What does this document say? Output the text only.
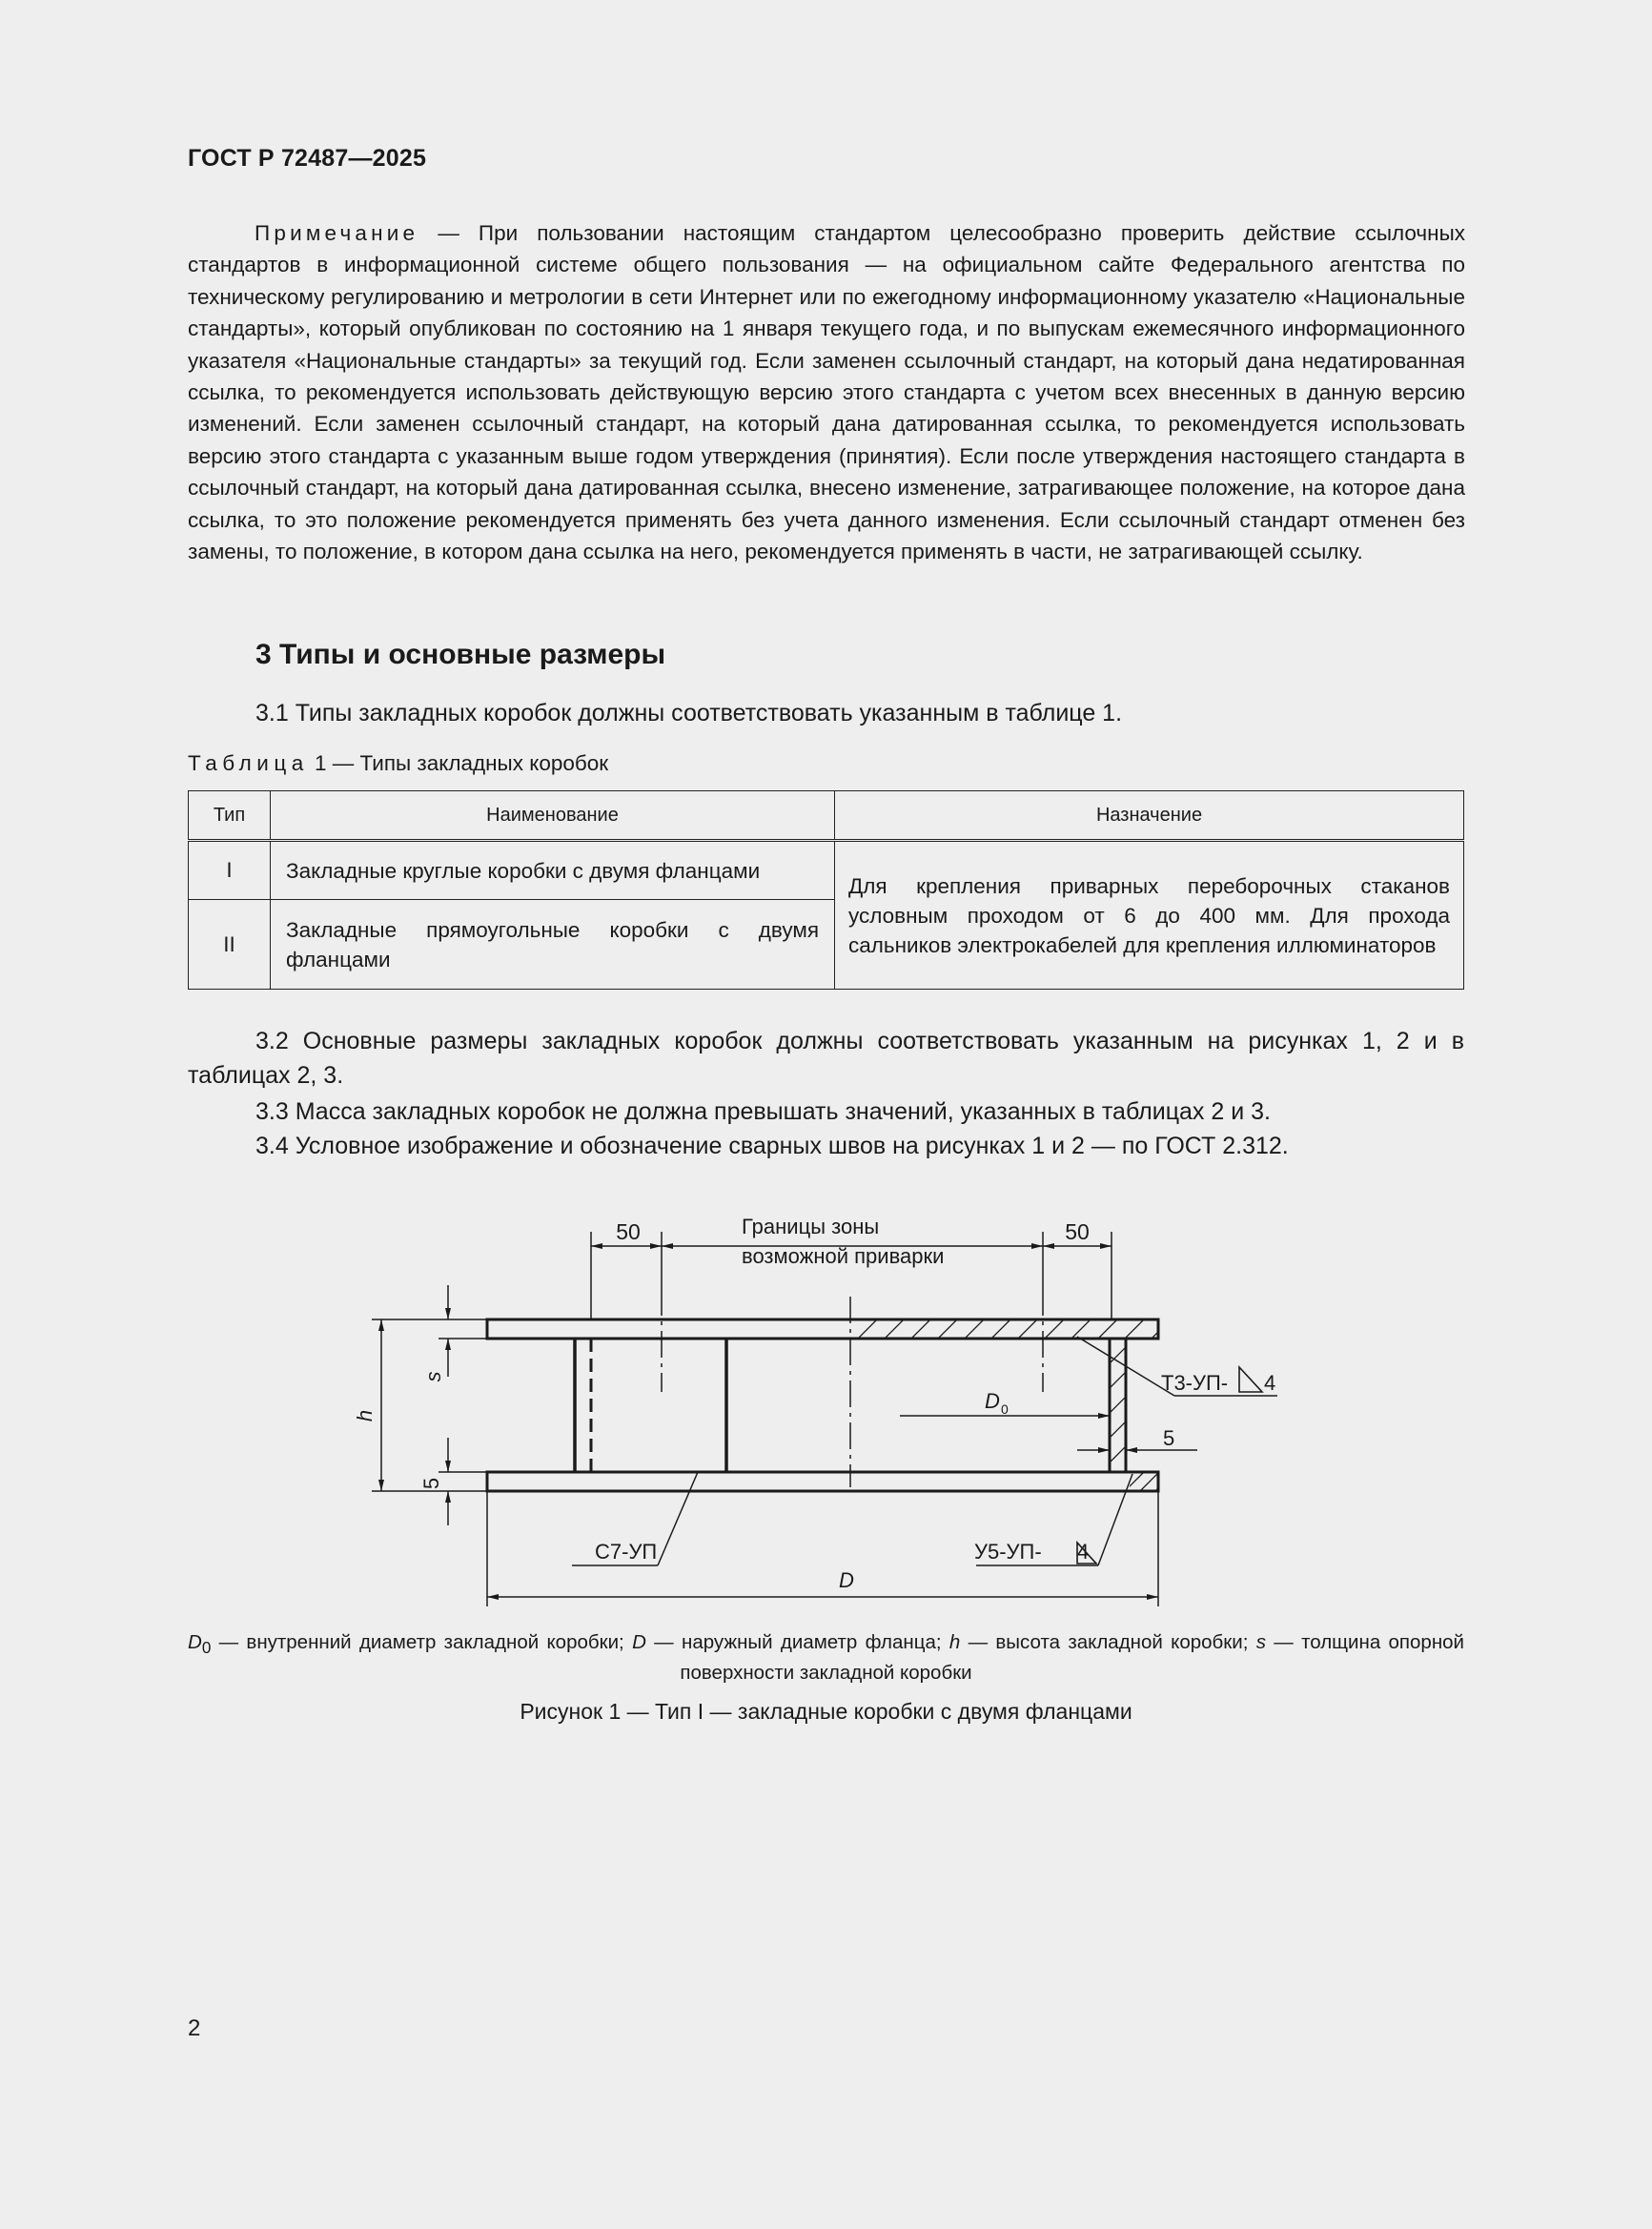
ГОСТ Р 72487—2025

Примечание — При пользовании настоящим стандартом целесообразно проверить действие ссылочных стандартов в информационной системе общего пользования — на официальном сайте Федерального агентства по техническому регулированию и метрологии в сети Интернет или по ежегодному информационному указателю «Национальные стандарты», который опубликован по состоянию на 1 января текущего года, и по выпускам ежемесячного информационного указателя «Национальные стандарты» за текущий год. Если заменен ссылочный стандарт, на который дана недатированная ссылка, то рекомендуется использовать действующую версию этого стандарта с учетом всех внесенных в данную версию изменений. Если заменен ссылочный стандарт, на который дана датированная ссылка, то рекомендуется использовать версию этого стандарта с указанным выше годом утверждения (принятия). Если после утверждения настоящего стандарта в ссылочный стандарт, на который дана датированная ссылка, внесено изменение, затрагивающее положение, на которое дана ссылка, то это положение рекомендуется применять без учета данного изменения. Если ссылочный стандарт отменен без замены, то положение, в котором дана ссылка на него, рекомендуется применять в части, не затрагивающей ссылку.

3 Типы и основные размеры

3.1 Типы закладных коробок должны соответствовать указанным в таблице 1.

Таблица 1 — Типы закладных коробок
Тип	Наименование	Назначение
I	Закладные круглые коробки с двумя фланцами	Для крепления приварных переборочных стаканов условным проходом от 6 до 400 мм. Для прохода сальников электрокабелей для крепления иллюминаторов
II	Закладные прямоугольные коробки с двумя фланцами	

3.2 Основные размеры закладных коробок должны соответствовать указанным на рисунках 1, 2 и в таблицах 2, 3.

3.3 Масса закладных коробок не должна превышать значений, указанных в таблицах 2 и 3.

3.4 Условное изображение и обозначение сварных швов на рисунках 1 и 2 — по ГОСТ 2.312.

50	50
Границы зоны
возможной приварки
h
s
5
D 0
5
Т3-УП- 4
С7-УП	У5-УП- 4
D
$D_0$ — внутренний диаметр закладной коробки; D — наружный диаметр фланца; h — высота закладной коробки; s — толщина опорной поверхности закладной коробки
Рисунок 1 — Тип I — закладные коробки с двумя фланцами
2
